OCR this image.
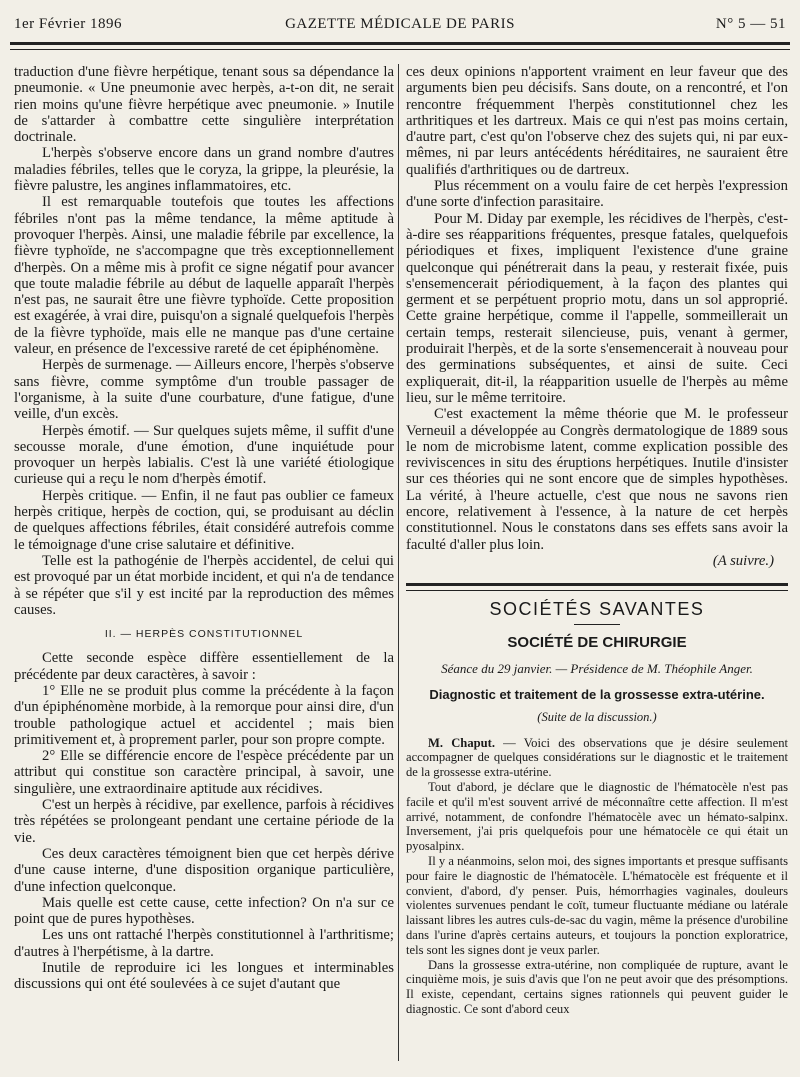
1er Février 1896	GAZETTE MÉDICALE DE PARIS	N° 5 — 51

traduction d'une fièvre herpétique, tenant sous sa dépendance la pneumonie. « Une pneumonie avec herpès, a-t-on dit, ne serait rien moins qu'une fièvre herpétique avec pneumonie. » Inutile de s'attarder à combattre cette singulière interprétation doctrinale.

L'herpès s'observe encore dans un grand nombre d'autres maladies fébriles, telles que le coryza, la grippe, la pleurésie, la fièvre palustre, les angines inflammatoires, etc.

Il est remarquable toutefois que toutes les affections fébriles n'ont pas la même tendance, la même aptitude à provoquer l'herpès. Ainsi, une maladie fébrile par excellence, la fièvre typhoïde, ne s'accompagne que très exceptionnellement d'herpès. On a même mis à profit ce signe négatif pour avancer que toute maladie fébrile au début de laquelle apparaît l'herpès n'est pas, ne saurait être une fièvre typhoïde. Cette proposition est exagérée, à vrai dire, puisqu'on a signalé quelquefois l'herpès de la fièvre typhoïde, mais elle ne manque pas d'une certaine valeur, en présence de l'excessive rareté de cet épiphénomène.

Herpès de surmenage. — Ailleurs encore, l'herpès s'observe sans fièvre, comme symptôme d'un trouble passager de l'organisme, à la suite d'une courbature, d'une fatigue, d'une veille, d'un excès.

Herpès émotif. — Sur quelques sujets même, il suffit d'une secousse morale, d'une émotion, d'une inquiétude pour provoquer un herpès labialis. C'est là une variété étiologique curieuse qui a reçu le nom d'herpès émotif.

Herpès critique. — Enfin, il ne faut pas oublier ce fameux herpès critique, herpès de coction, qui, se produisant au déclin de quelques affections fébriles, était considéré autrefois comme le témoignage d'une crise salutaire et définitive.

Telle est la pathogénie de l'herpès accidentel, de celui qui est provoqué par un état morbide incident, et qui n'a de tendance à se répéter que s'il y est incité par la reproduction des mêmes causes.

II. — HERPÈS CONSTITUTIONNEL

Cette seconde espèce diffère essentiellement de la précédente par deux caractères, à savoir :

1° Elle ne se produit plus comme la précédente à la façon d'un épiphénomène morbide, à la remorque pour ainsi dire, d'un trouble pathologique actuel et accidentel ; mais bien primitivement et, à proprement parler, pour son propre compte.

2° Elle se différencie encore de l'espèce précédente par un attribut qui constitue son caractère principal, à savoir, une singulière, une extraordinaire aptitude aux récidives.

C'est un herpès à récidive, par exellence, parfois à récidives très répétées se prolongeant pendant une certaine période de la vie.

Ces deux caractères témoignent bien que cet herpès dérive d'une cause interne, d'une disposition organique particulière, d'une infection quelconque.

Mais quelle est cette cause, cette infection? On n'a sur ce point que de pures hypothèses.

Les uns ont rattaché l'herpès constitutionnel à l'arthritisme; d'autres à l'herpétisme, à la dartre.

Inutile de reproduire ici les longues et interminables discussions qui ont été soulevées à ce sujet d'autant que

ces deux opinions n'apportent vraiment en leur faveur que des arguments bien peu décisifs. Sans doute, on a rencontré, et l'on rencontre fréquemment l'herpès constitutionnel chez les arthritiques et les dartreux. Mais ce qui n'est pas moins certain, d'autre part, c'est qu'on l'observe chez des sujets qui, ni par eux-mêmes, ni par leurs antécédents héréditaires, ne sauraient être qualifiés d'arthritiques ou de dartreux.

Plus récemment on a voulu faire de cet herpès l'expression d'une sorte d'infection parasitaire.

Pour M. Diday par exemple, les récidives de l'herpès, c'est-à-dire ses réapparitions fréquentes, presque fatales, quelquefois périodiques et fixes, impliquent l'existence d'une graine quelconque qui pénétrerait dans la peau, y resterait fixée, puis s'ensemencerait périodiquement, à la façon des plantes qui germent et se perpétuent proprio motu, dans un sol approprié. Cette graine herpétique, comme il l'appelle, sommeillerait un certain temps, resterait silencieuse, puis, venant à germer, produirait l'herpès, et de la sorte s'ensemencerait à nouveau pour des germinations subséquentes, et ainsi de suite. Ceci expliquerait, dit-il, la réapparition usuelle de l'herpès au même lieu, sur le même territoire.

C'est exactement la même théorie que M. le professeur Verneuil a développée au Congrès dermatologique de 1889 sous le nom de microbisme latent, comme explication possible des reviviscences in situ des éruptions herpétiques. Inutile d'insister sur ces théories qui ne sont encore que de simples hypothèses. La vérité, à l'heure actuelle, c'est que nous ne savons rien encore, relativement à l'essence, à la nature de cet herpès constitutionnel. Nous le constatons dans ses effets sans avoir la faculté d'aller plus loin.

(A suivre.)
SOCIÉTÉS SAVANTES
SOCIÉTÉ DE CHIRURGIE
Séance du 29 janvier. — Présidence de M. Théophile Anger.
Diagnostic et traitement de la grossesse extra-utérine.
(Suite de la discussion.)

M. Chaput. — Voici des observations que je désire seulement accompagner de quelques considérations sur le diagnostic et le traitement de la grossesse extra-utérine.

Tout d'abord, je déclare que le diagnostic de l'hématocèle n'est pas facile et qu'il m'est souvent arrivé de méconnaître cette affection. Il m'est arrivé, notamment, de confondre l'hématocèle avec un hémato-salpinx. Inversement, j'ai pris quelquefois pour une hématocèle ce qui était un pyosalpinx.

Il y a néanmoins, selon moi, des signes importants et presque suffisants pour faire le diagnostic de l'hématocèle. L'hématocèle est fréquente et il convient, d'abord, d'y penser. Puis, hémorrhagies vaginales, douleurs violentes survenues pendant le coït, tumeur fluctuante médiane ou latérale laissant libres les autres culs-de-sac du vagin, même la présence d'urobiline dans l'urine d'après certains auteurs, et toujours la ponction exploratrice, tels sont les signes dont je veux parler.

Dans la grossesse extra-utérine, non compliquée de rupture, avant le cinquième mois, je suis d'avis que l'on ne peut avoir que des présomptions. Il existe, cependant, certains signes rationnels qui peuvent guider le diagnostic. Ce sont d'abord ceux
